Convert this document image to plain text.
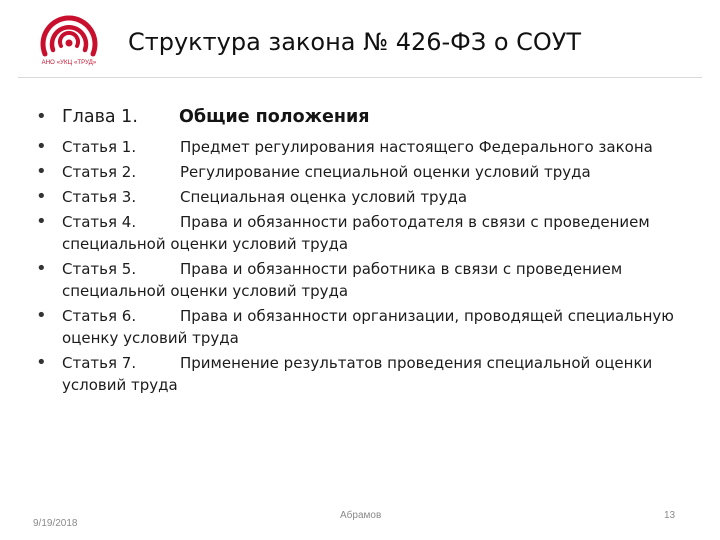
АНО «УКЦ «ТРУД»
Структура закона № 426-ФЗ о СОУТ
• Глава 1. Общие положения
• Статья 1.	Предмет регулирования настоящего Федерального закона
• Статья 2.	Регулирование специальной оценки условий труда
• Статья 3.	Специальная оценка условий труда
• Статья 4.	Права и обязанности работодателя в связи с проведением специальной оценки условий труда
• Статья 5.	Права и обязанности работника в связи с проведением специальной оценки условий труда
• Статья 6.	Права и обязанности организации, проводящей специальную оценку условий труда
• Статья 7.	Применение результатов проведения специальной оценки условий труда
9/19/2018
Абрамов	13
